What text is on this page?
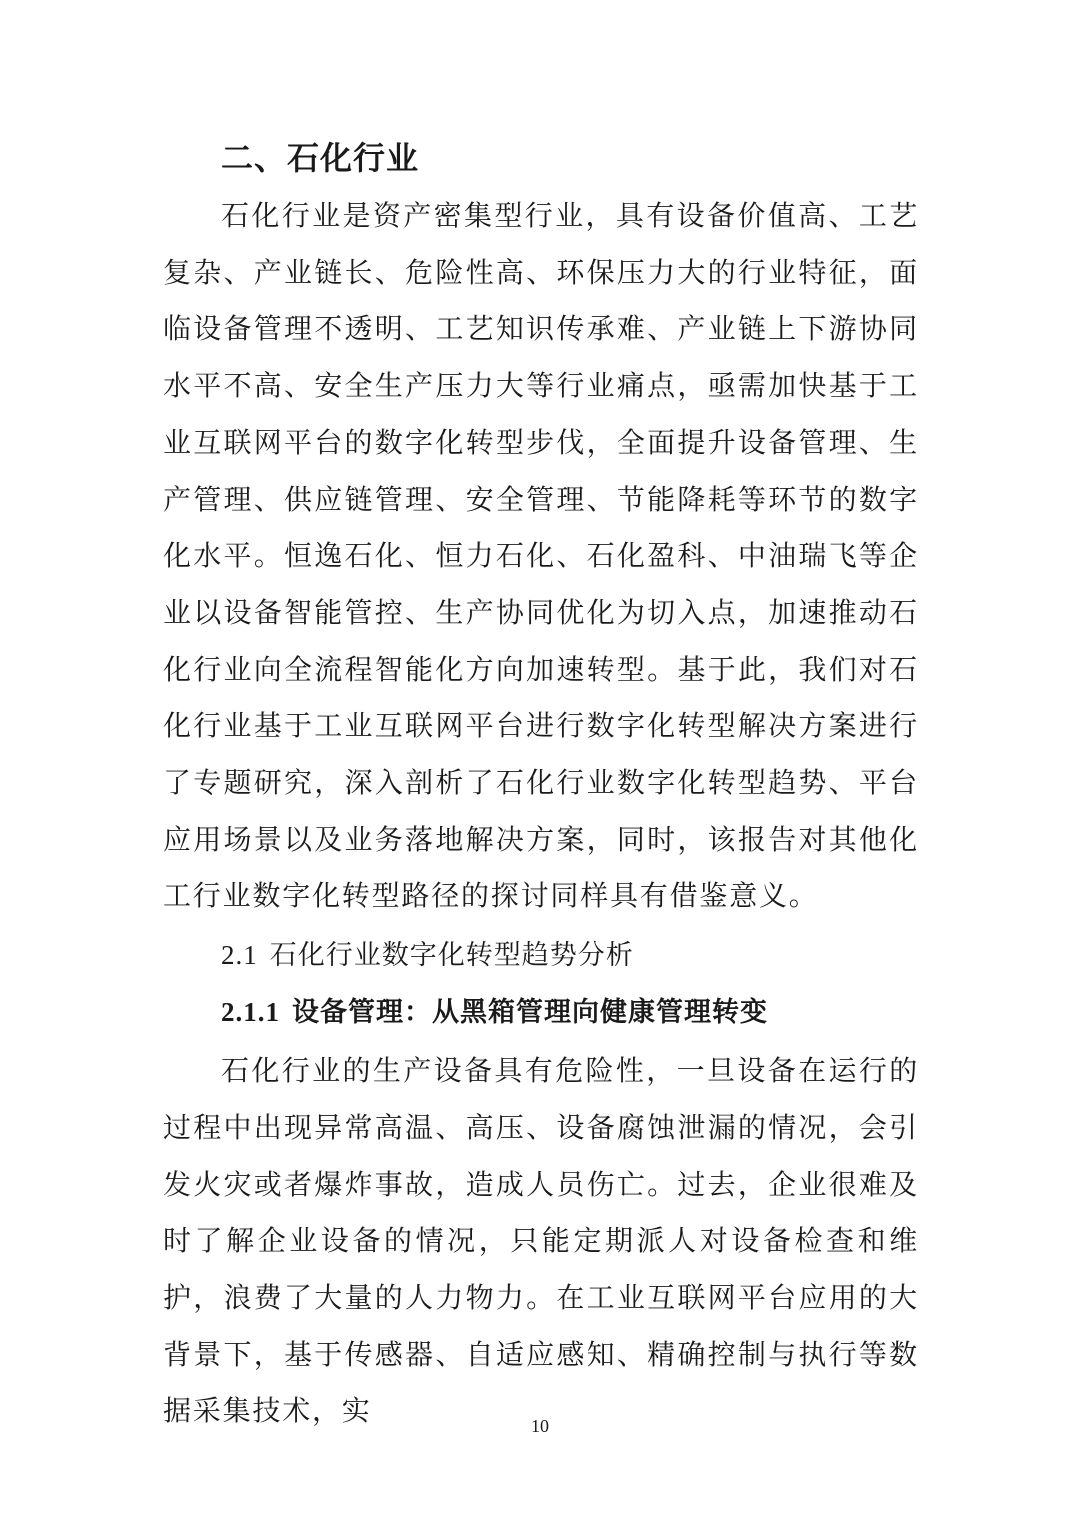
二、石化行业

石化行业是资产密集型行业，具有设备价值高、工艺复杂、产业链长、危险性高、环保压力大的行业特征，面临设备管理不透明、工艺知识传承难、产业链上下游协同水平不高、安全生产压力大等行业痛点，亟需加快基于工业互联网平台的数字化转型步伐，全面提升设备管理、生产管理、供应链管理、安全管理、节能降耗等环节的数字化水平。恒逸石化、恒力石化、石化盈科、中油瑞飞等企业以设备智能管控、生产协同优化为切入点，加速推动石化行业向全流程智能化方向加速转型。基于此，我们对石化行业基于工业互联网平台进行数字化转型解决方案进行了专题研究，深入剖析了石化行业数字化转型趋势、平台应用场景以及业务落地解决方案，同时，该报告对其他化工行业数字化转型路径的探讨同样具有借鉴意义。

2.1 石化行业数字化转型趋势分析
2.1.1 设备管理：从黑箱管理向健康管理转变

石化行业的生产设备具有危险性，一旦设备在运行的过程中出现异常高温、高压、设备腐蚀泄漏的情况，会引发火灾或者爆炸事故，造成人员伤亡。过去，企业很难及时了解企业设备的情况，只能定期派人对设备检查和维护，浪费了大量的人力物力。在工业互联网平台应用的大背景下，基于传感器、自适应感知、精确控制与执行等数据采集技术，实	10
